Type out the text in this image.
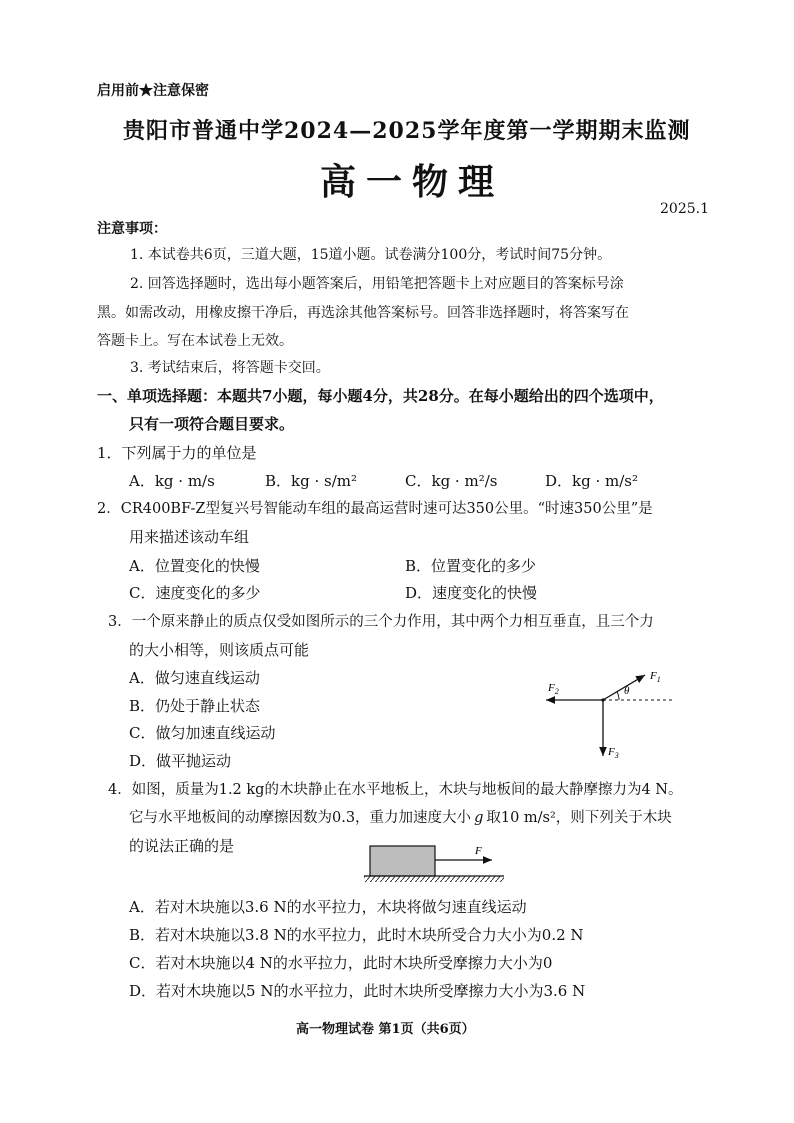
启用前★注意保密
贵阳市普通中学2024—2025学年度第一学期期末监测
高一物理
2025.1
注意事项：
1. 本试卷共6页，三道大题，15道小题。试卷满分100分，考试时间75分钟。
2. 回答选择题时，选出每小题答案后，用铅笔把答题卡上对应题目的答案标号涂
黑。如需改动，用橡皮擦干净后，再选涂其他答案标号。回答非选择题时，将答案写在
答题卡上。写在本试卷上无效。
3. 考试结束后，将答题卡交回。
一、单项选择题：本题共7小题，每小题4分，共28分。在每小题给出的四个选项中，
只有一项符合题目要求。
1．下列属于力的单位是
A．kg · m/s	B．kg · s/m²	C．kg · m²/s	D．kg · m/s²
2．CR400BF-Z型复兴号智能动车组的最高运营时速可达350公里。“时速350公里”是
用来描述该动车组
A．位置变化的快慢	B．位置变化的多少
C．速度变化的多少	D．速度变化的快慢
3．一个原来静止的质点仅受如图所示的三个力作用，其中两个力相互垂直，且三个力
的大小相等，则该质点可能
A．做匀速直线运动
B．仍处于静止状态
C．做匀加速直线运动
D．做平抛运动
$F_1$
$F_2$
$F_3$
θ
4．如图，质量为1.2 kg的木块静止在水平地板上，木块与地板间的最大静摩擦力为4 N。
它与水平地板间的动摩擦因数为0.3，重力加速度大小 g 取10 m/s²，则下列关于木块
的说法正确的是	F
A．若对木块施以3.6 N的水平拉力，木块将做匀速直线运动
B．若对木块施以3.8 N的水平拉力，此时木块所受合力大小为0.2 N
C．若对木块施以4 N的水平拉力，此时木块所受摩擦力大小为0
D．若对木块施以5 N的水平拉力，此时木块所受摩擦力大小为3.6 N
高一物理试卷 第1页（共6页）
